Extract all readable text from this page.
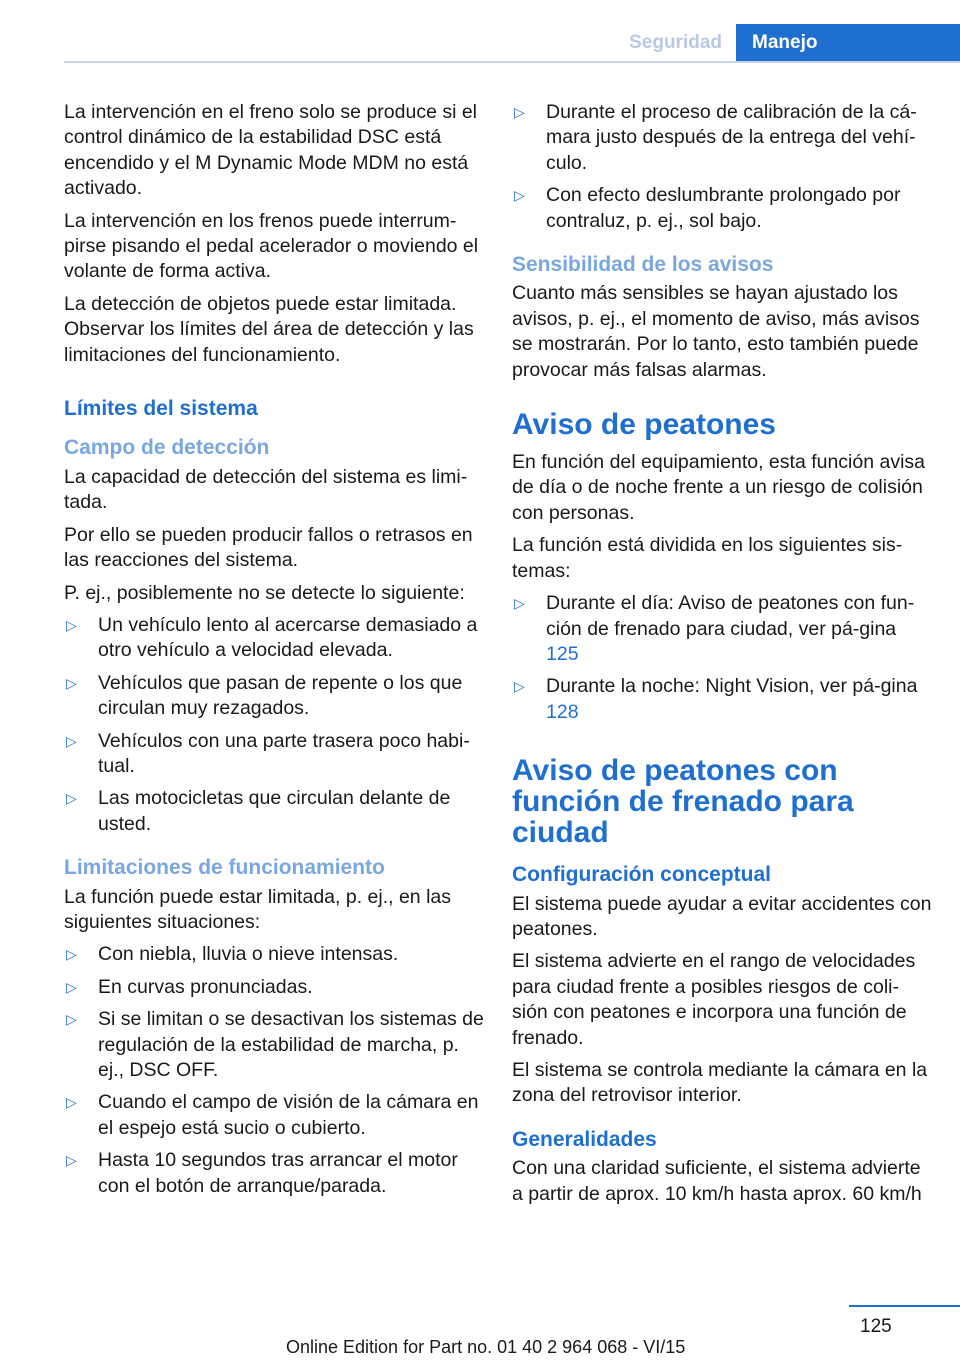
Seguridad	Manejo

La intervención en el freno solo se produce si el control dinámico de la estabilidad DSC está encendido y el M Dynamic Mode MDM no está activado.

La intervención en los frenos puede interrum‐pirse pisando el pedal acelerador o moviendo el volante de forma activa.

La detección de objetos puede estar limitada. Observar los límites del área de detección y las limitaciones del funcionamiento.

Límites del sistema
Campo de detección

La capacidad de detección del sistema es limi‐tada.

Por ello se pueden producir fallos o retrasos en las reacciones del sistema.

P. ej., posiblemente no se detecte lo siguiente:

▷ Un vehículo lento al acercarse demasiado a otro vehículo a velocidad elevada.
▷ Vehículos que pasan de repente o los que circulan muy rezagados.
▷ Vehículos con una parte trasera poco habi‐tual.
▷ Las motocicletas que circulan delante de usted.
Limitaciones de funcionamiento

La función puede estar limitada, p. ej., en las siguientes situaciones:

▷ Con niebla, lluvia o nieve intensas.
▷ En curvas pronunciadas.
▷ Si se limitan o se desactivan los sistemas de regulación de la estabilidad de marcha, p. ej., DSC OFF.
▷ Cuando el campo de visión de la cámara en el espejo está sucio o cubierto.
▷ Hasta 10 segundos tras arrancar el motor con el botón de arranque/parada.
▷ Durante el proceso de calibración de la cá‐mara justo después de la entrega del vehí‐culo.
▷ Con efecto deslumbrante prolongado por contraluz, p. ej., sol bajo.
Sensibilidad de los avisos

Cuanto más sensibles se hayan ajustado los avisos, p. ej., el momento de aviso, más avisos se mostrarán. Por lo tanto, esto también puede provocar más falsas alarmas.

Aviso de peatones

En función del equipamiento, esta función avisa de día o de noche frente a un riesgo de colisión con personas.

La función está dividida en los siguientes sis‐temas:

▷ Durante el día: Aviso de peatones con fun‐ción de frenado para ciudad, ver pá‐gina 125
▷ Durante la noche: Night Vision, ver pá‐gina 128
Aviso de peatones con función de frenado para ciudad
Configuración conceptual

El sistema puede ayudar a evitar accidentes con peatones.

El sistema advierte en el rango de velocidades para ciudad frente a posibles riesgos de coli‐sión con peatones e incorpora una función de frenado.

El sistema se controla mediante la cámara en la zona del retrovisor interior.

Generalidades

Con una claridad suficiente, el sistema advierte a partir de aprox. 10 km/h hasta aprox. 60 km/h

125
Online Edition for Part no. 01 40 2 964 068 - VI/15
